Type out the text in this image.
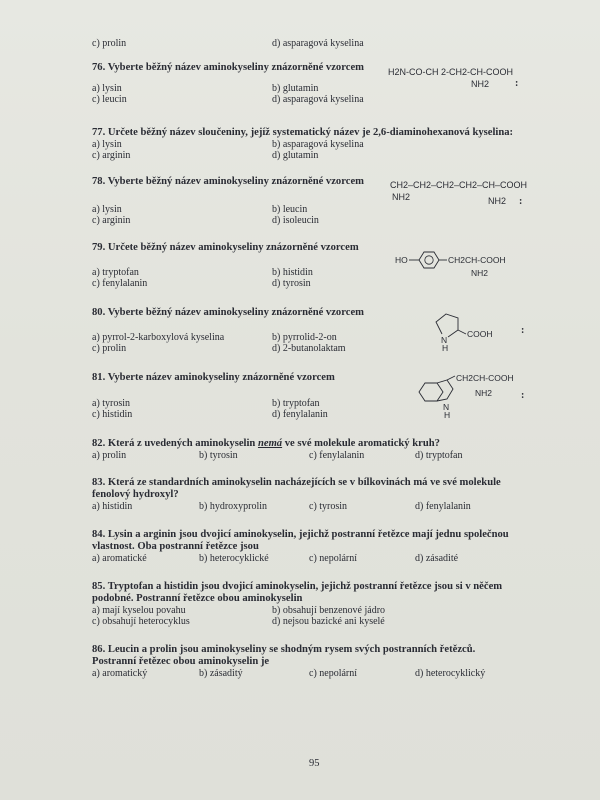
c) prolin	d) asparagová kyselina
76. Vyberte běžný název aminokyseliny znázorněné vzorcem
a) lysin	b) glutamin
c) leucin	d) asparagová kyselina
H2N-CO-CH 2-CH2-CH-COOH
NH2	:
77. Určete běžný název sloučeniny, jejíž systematický název je 2,6-diaminohexanová kyselina:
a) lysin	b) asparagová kyselina
c) arginin	d) glutamin
78. Vyberte běžný název aminokyseliny znázorněné vzorcem
a) lysin	b) leucin
c) arginin	d) isoleucin
CH2–CH2–CH2–CH2–CH–COOH
NH2	NH2 :
79. Určete běžný název aminokyseliny znázorněné vzorcem
a) tryptofan	b) histidin
c) fenylalanin	d) tyrosin
HO	CH2CH-COOH
NH2
80. Vyberte běžný název aminokyseliny znázorněné vzorcem
a) pyrrol-2-karboxylová kyselina	b) pyrrolid-2-on
c) prolin	d) 2-butanolaktam
COOH
N
H
:
81. Vyberte název aminokyseliny znázorněné vzorcem
a) tyrosin	b) tryptofan
c) histidin	d) fenylalanin
CH2CH-COOH
NH2
N
H
:
82. Která z uvedených aminokyselin nemá ve své molekule aromatický kruh?
a) prolin	b) tyrosin	c) fenylalanin	d) tryptofan
83. Která ze standardních aminokyselin nacházejících se v bílkovinách má ve své molekule
fenolový hydroxyl?
a) histidin	b) hydroxyprolin	c) tyrosin	d) fenylalanin
84. Lysin a arginin jsou dvojicí aminokyselin, jejichž postranní řetězce mají jednu společnou
vlastnost. Oba postranní řetězce jsou
a) aromatické	b) heterocyklické	c) nepolární	d) zásadité
85. Tryptofan a histidin jsou dvojicí aminokyselin, jejichž postranní řetězce jsou si v něčem
podobné. Postranní řetězce obou aminokyselin
a) mají kyselou povahu	b) obsahují benzenové jádro
c) obsahují heterocyklus	d) nejsou bazické ani kyselé
86. Leucin a prolin jsou aminokyseliny se shodným rysem svých postranních řetězců.
Postranní řetězec obou aminokyselin je
a) aromatický	b) zásaditý	c) nepolární	d) heterocyklický
95
